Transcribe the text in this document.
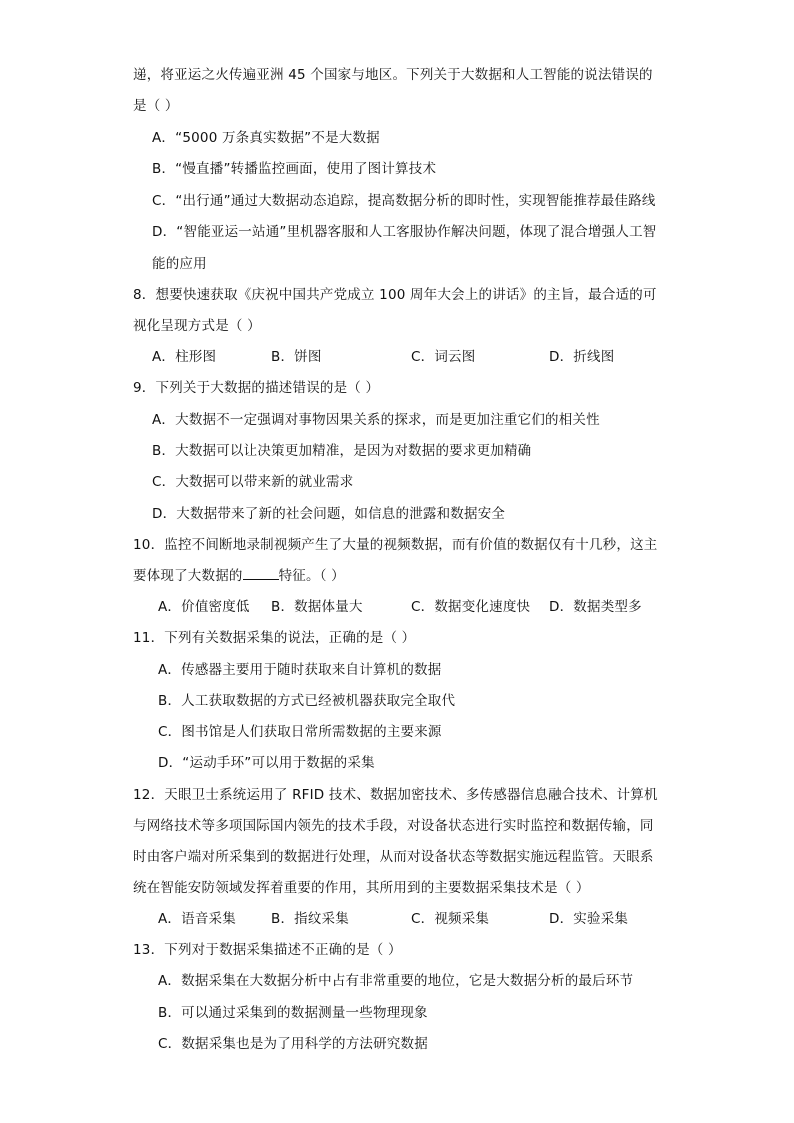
递，将亚运之火传遍亚洲 45 个国家与地区。下列关于大数据和人工智能的说法错误的
是（ ）
A．“5000 万条真实数据”不是大数据
B．“慢直播”转播监控画面，使用了图计算技术
C．“出行通”通过大数据动态追踪，提高数据分析的即时性，实现智能推荐最佳路线
D．“智能亚运一站通”里机器客服和人工客服协作解决问题，体现了混合增强人工智
能的应用
8．想要快速获取《庆祝中国共产党成立 100 周年大会上的讲话》的主旨，最合适的可
视化呈现方式是（ ）
A．柱形图	B．饼图	C．词云图	D．折线图
9．下列关于大数据的描述错误的是（ ）
A．大数据不一定强调对事物因果关系的探求，而是更加注重它们的相关性
B．大数据可以让决策更加精准，是因为对数据的要求更加精确
C．大数据可以带来新的就业需求
D．大数据带来了新的社会问题，如信息的泄露和数据安全
10．监控不间断地录制视频产生了大量的视频数据，而有价值的数据仅有十几秒，这主
要体现了大数据的	特征。（ ）
A．价值密度低 B．数据体量大	C．数据变化速度快 D．数据类型多
11．下列有关数据采集的说法，正确的是（ ）
A．传感器主要用于随时获取来自计算机的数据
B．人工获取数据的方式已经被机器获取完全取代
C．图书馆是人们获取日常所需数据的主要来源
D．“运动手环”可以用于数据的采集
12．天眼卫士系统运用了 RFID 技术、数据加密技术、多传感器信息融合技术、计算机
与网络技术等多项国际国内领先的技术手段，对设备状态进行实时监控和数据传输，同
时由客户端对所采集到的数据进行处理，从而对设备状态等数据实施远程监管。天眼系
统在智能安防领域发挥着重要的作用，其所用到的主要数据采集技术是（ ）
A．语音采集	B．指纹采集	C．视频采集	D．实验采集
13．下列对于数据采集描述不正确的是（ ）
A．数据采集在大数据分析中占有非常重要的地位，它是大数据分析的最后环节
B．可以通过采集到的数据测量一些物理现象
C．数据采集也是为了用科学的方法研究数据
